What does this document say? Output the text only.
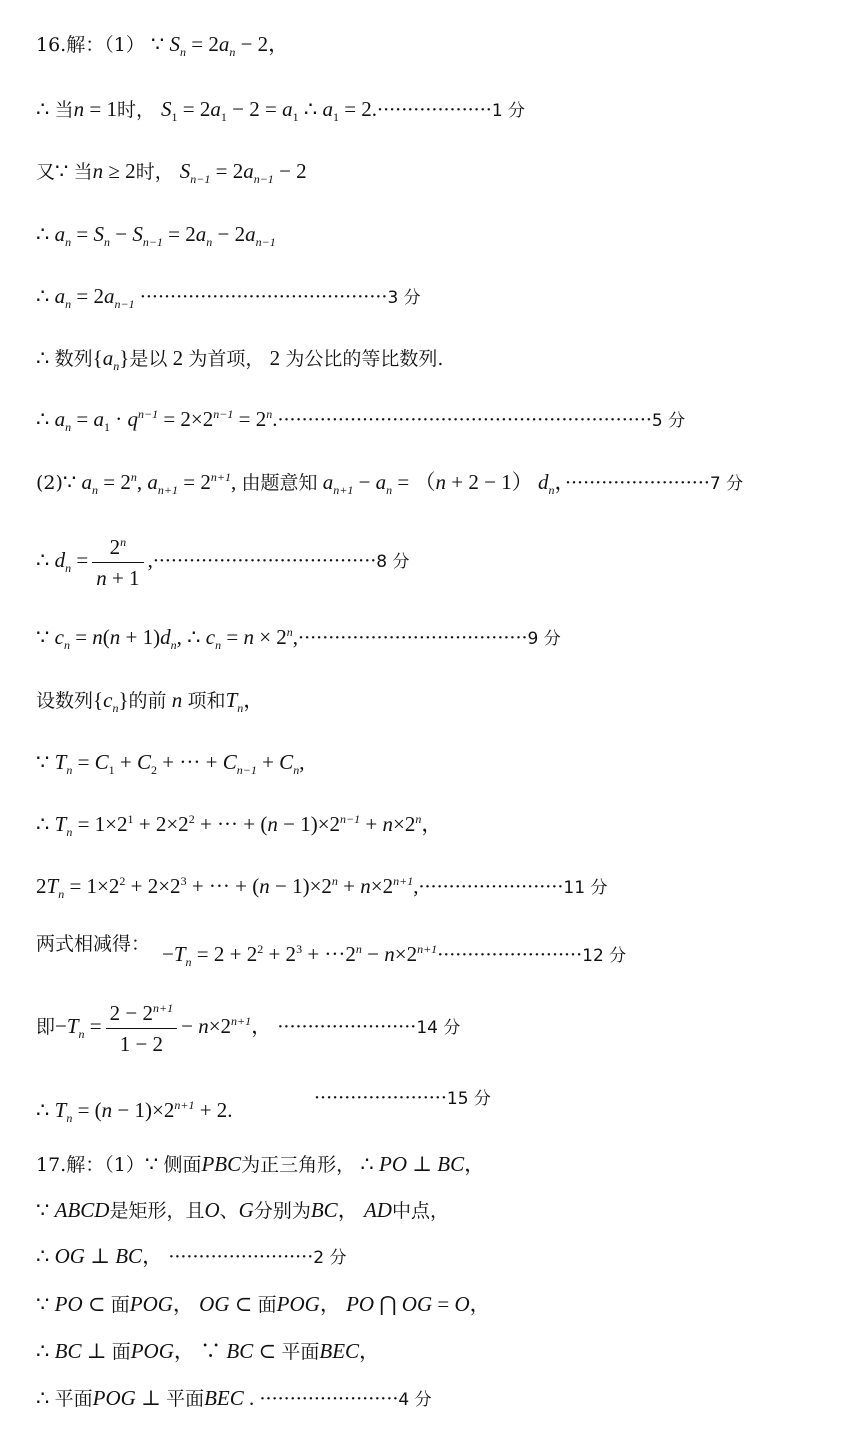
16.解：（1） ∵ $S_n = 2a_n - 2$，
∴ 当n = 1时， $S_1 = 2a_1 - 2 = a_1$ ∴ $a_1 = 2.\cdot\cdot\cdot\cdot\cdot\cdot\cdot\cdot\cdot\cdot\cdot\cdot\cdot\cdot\cdot\cdot\cdot\cdot\cdot 1$ 分
又∵ 当n ≥ 2时， $S_{n-1} = 2a_{n-1} - 2$
∴ $a_n = S_n - S_{n-1} = 2a_n - 2a_{n-1}$
∴ $a_n = 2a_{n-1} \cdot\cdot\cdot\cdot\cdot\cdot\cdot\cdot\cdot\cdot\cdot\cdot\cdot\cdot\cdot\cdot\cdot\cdot\cdot\cdot\cdot\cdot\cdot\cdot\cdot\cdot\cdot\cdot\cdot\cdot\cdot\cdot\cdot\cdot\cdot\cdot\cdot\cdot\cdot\cdot\cdot 3$ 分
∴ 数列$\{a_n\}$是以 2 为首项， 2 为公比的等比数列.
∴ $a_n = a_1 \cdot q^{n-1} = 2\times 2^{n-1} = 2^n.\cdot\cdot\cdot\cdot\cdot\cdot\cdot\cdot\cdot\cdot\cdot\cdot\cdot\cdot\cdot\cdot\cdot\cdot\cdot\cdot\cdot\cdot\cdot\cdot\cdot\cdot\cdot\cdot\cdot\cdot\cdot\cdot\cdot\cdot\cdot\cdot\cdot\cdot\cdot\cdot\cdot\cdot\cdot\cdot\cdot\cdot\cdot\cdot\cdot\cdot\cdot\cdot\cdot\cdot\cdot\cdot\cdot\cdot\cdot\cdot\cdot\cdot 5$ 分
(2)∵ $a_n = 2^n$, $a_{n+1} = 2^{n+1}$, 由题意知 $a_{n+1} - a_n = (n + 2 - 1)$ $d_n$，························7 分
∴ $d_n = \frac{2^n}{n + 1} ,\cdot\cdot\cdot\cdot\cdot\cdot\cdot\cdot\cdot\cdot\cdot\cdot\cdot\cdot\cdot\cdot\cdot\cdot\cdot\cdot\cdot\cdot\cdot\cdot\cdot\cdot\cdot\cdot\cdot\cdot\cdot\cdot\cdot\cdot\cdot\cdot\cdot 8$ 分
∵ $c_n = n(n + 1)d_n$, ∴ $c_n = n \times 2^n,\cdot\cdot\cdot\cdot\cdot\cdot\cdot\cdot\cdot\cdot\cdot\cdot\cdot\cdot\cdot\cdot\cdot\cdot\cdot\cdot\cdot\cdot\cdot\cdot\cdot\cdot\cdot\cdot\cdot\cdot\cdot\cdot\cdot\cdot\cdot\cdot\cdot\cdot 9$ 分
设数列$\{c_n\}$的前 n 项和$T_n$，
∵ $T_n = C_1 + C_2$ + ··· + $C_{n-1} + C_n$,
∴ $T_n = 1\times 2^1 + 2\times 2^2$ + ··· + $(n - 1)\times 2^{n-1} + n\times 2^n$，
$2T_n = 1\times 2^2 + 2\times 2^3$ + ··· + $(n - 1)\times 2^n + n\times 2^{n+1},\cdot\cdot\cdot\cdot\cdot\cdot\cdot\cdot\cdot\cdot\cdot\cdot\cdot\cdot\cdot\cdot\cdot\cdot\cdot\cdot\cdot\cdot\cdot\cdot 11$ 分
两式相减得： $-T_n = 2 + 2^2 + 2^3 + \cdot\cdot\cdot 2^n - n\times 2^{n+1}\cdot\cdot\cdot\cdot\cdot\cdot\cdot\cdot\cdot\cdot\cdot\cdot\cdot\cdot\cdot\cdot\cdot\cdot\cdot\cdot\cdot\cdot\cdot\cdot 12$ 分
即$-T_n = \frac{2 - 2^{n+1}}{1 - 2} - n\times 2^{n+1}$， ·······················14 分
∴ $T_n = (n - 1)\times 2^{n+1} + 2$.	······················15 分
17.解：（1）∵ 侧面PBC为正三角形， ∴ PO ⊥ BC，
∵ ABCD是矩形，且O、G分别为BC， AD中点，
∴ OG ⊥ BC， ························2 分
∵ PO ⊂ 面POG， OG ⊂ 面POG， PO ⋂ OG = O，
∴ BC ⊥ 面POG， ∵ BC ⊂ 平面BEC，
∴ 平面POG ⊥ 平面BEC . ·······················4 分
